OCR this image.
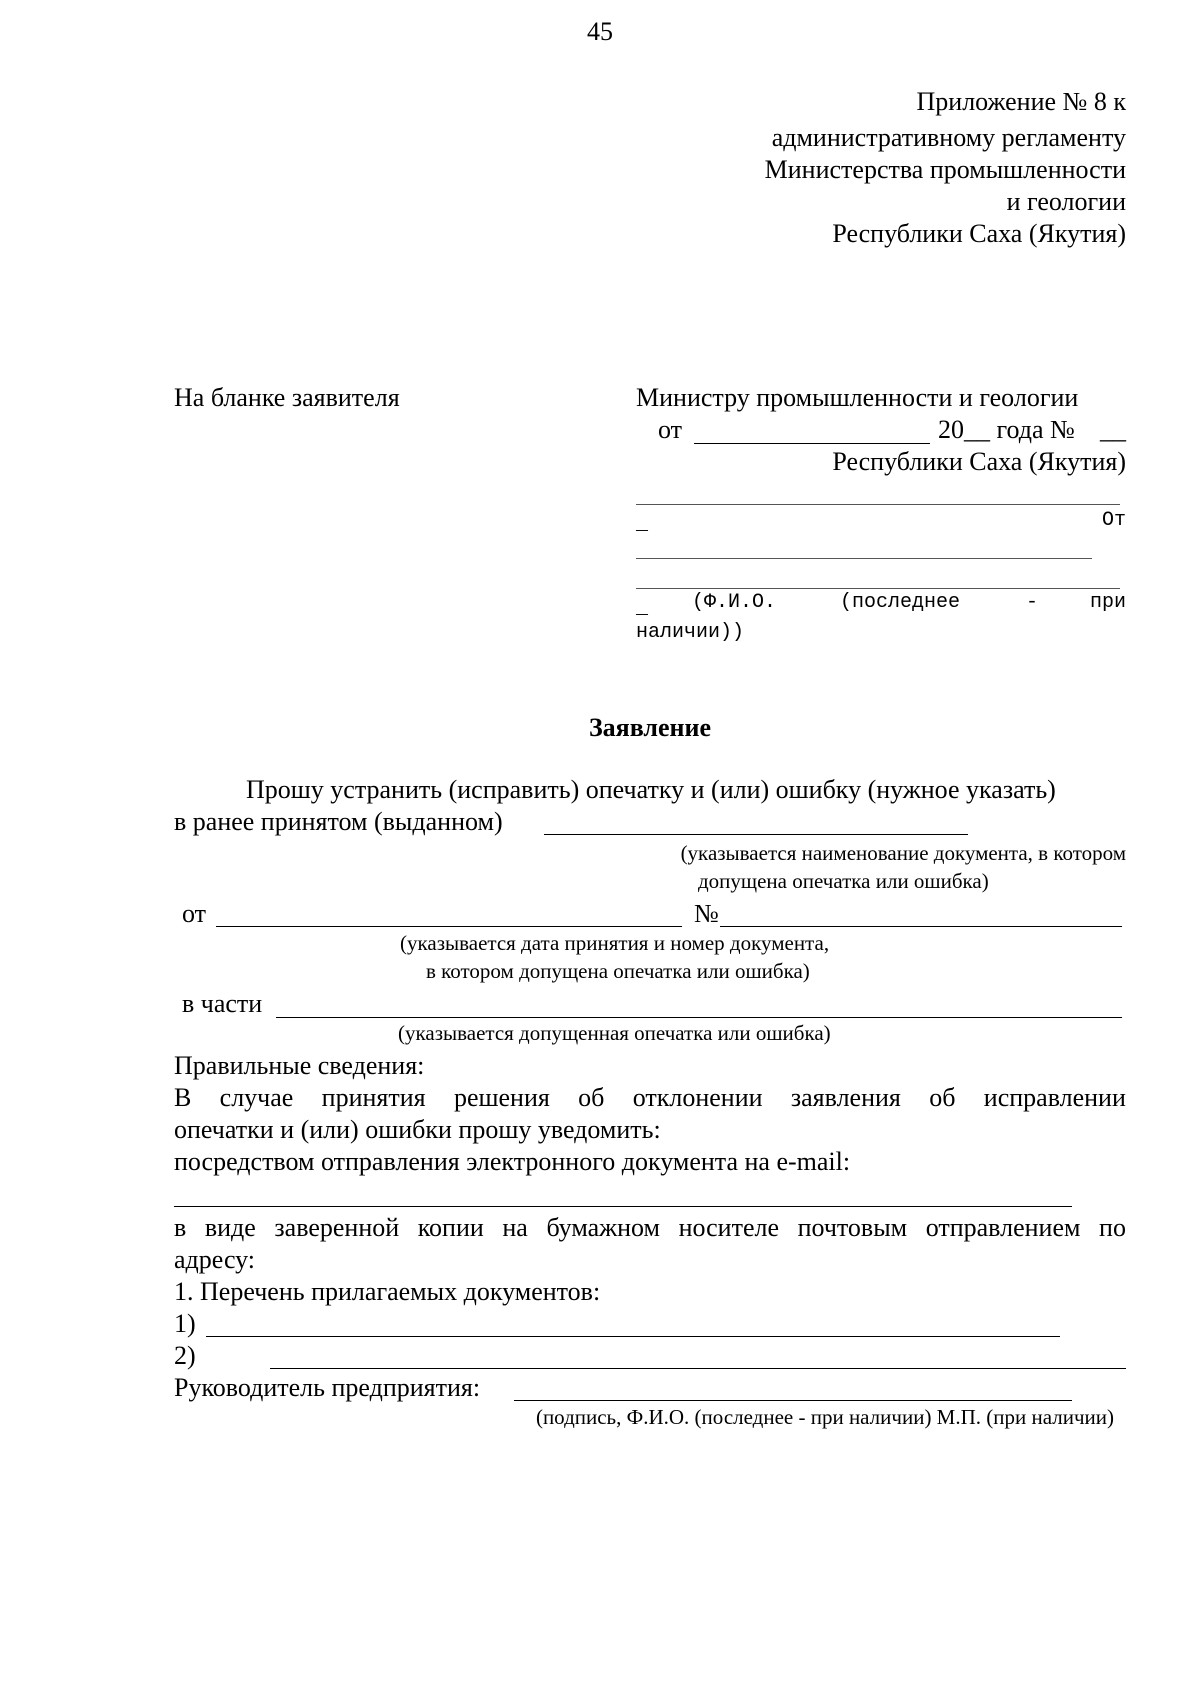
45
Приложение № 8 к
административному регламенту
Министерства промышленности
и геологии
Республики Саха (Якутия)
На бланке заявителя	Министру промышленности и геологии
от	20__ года № __
Республики Саха (Якутия)
_	От
_ (Ф.И.О.	(последнее	-	при
наличии))
Заявление
Прошу устранить (исправить) опечатку и (или) ошибку (нужное указать)
в ранее принятом (выданном)
(указывается наименование документа, в котором
допущена опечатка или ошибка)
от	№
(указывается дата принятия и номер документа,
в котором допущена опечатка или ошибка)
в части
(указывается допущенная опечатка или ошибка)
Правильные сведения:
В случае принятия решения об отклонении заявления об исправлении
опечатки и (или) ошибки прошу уведомить:
посредством отправления электронного документа на e-mail:
в виде заверенной копии на бумажном носителе почтовым отправлением по
адресу:
1. Перечень прилагаемых документов:
1)
2)
Руководитель предприятия:
(подпись, Ф.И.О. (последнее - при наличии) М.П. (при наличии)
